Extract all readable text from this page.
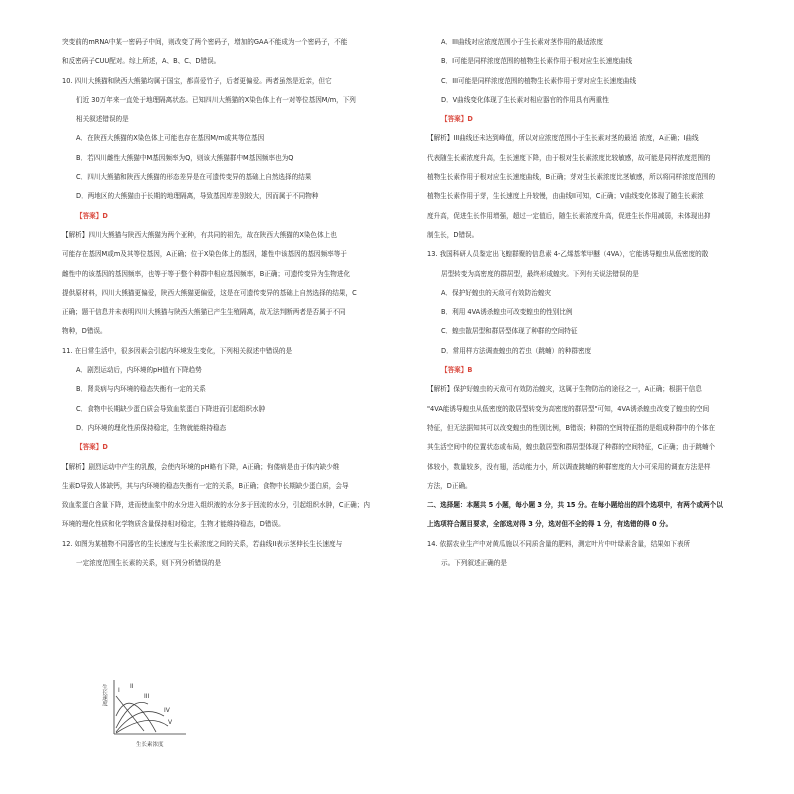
突变前的mRNA中某一密码子中间，则改变了两个密码子，增加的GAA不能成为一个密码子，不能

和反密码子CUU配对。综上所述，A、B、C、D错误。

10. 四川大熊猫和陕西大熊猫均属于国宝，都喜爱竹子，后者更偏爱。两者虽然是近亲，但它

们近 30万年来一直处于地理隔离状态。已知四川大熊猫的X染色体上有一对等位基因M/m，下列

相关叙述错误的是

A．在陕西大熊猫的X染色体上可能也存在基因M/m或其等位基因

B．若四川雌性大熊猫中M基因频率为Q，则该大熊猫群中M基因频率也为Q

C．四川大熊猫和陕西大熊猫的形态差异是在可遗传变异的基础上自然选择的结果

D．两地区的大熊猫由于长期的地理隔离，导致基因库差别较大，因而属于不同物种

【答案】D

【解析】四川大熊猫与陕西大熊猫为两个亚种，有共同的祖先，故在陕西大熊猫的X染色体上也

可能存在基因M或m及其等位基因，A正确；位于X染色体上的基因，雄性中该基因的基因频率等于

雌性中的该基因的基因频率，也等于等于整个种群中相应基因频率，B正确；可遗传变异为生物进化

提供原材料，四川大熊猫更偏爱，陕西大熊猫更偏爱，这是在可遗传变异的基础上自然选择的结果，C

正确；题干信息并未表明四川大熊猫与陕西大熊猫已产生生殖隔离，故无法判断两者是否属于不同

物种，D错误。

11. 在日常生活中，很多因素会引起内环境发生变化，下列相关叙述中错误的是

A．剧烈运动后，内环境的pH值有下降趋势

B．肾炎病与内环境的稳态失衡有一定的关系

C．食物中长期缺少蛋白质会导致血浆蛋白下降进而引起组织水肿

D．内环境的理化性质保持稳定，生物就能维持稳态

【答案】D

【解析】剧烈运动中产生的乳酸，会使内环境的pH略有下降，A正确；佝偻病是由于体内缺少维

生素D导致人体缺钙，其与内环境的稳态失衡有一定的关系，B正确；食物中长期缺少蛋白质，会导

致血浆蛋白含量下降，进而使血浆中的水分进入组织液的水分多于回流的水分，引起组织水肿，C正确；内

环境的理化性质和化学物质含量保持相对稳定，生物才能维持稳态，D错误。

12. 如图为某植物不同器官的生长速度与生长素浓度之间的关系，若曲线II表示茎伸长生长速度与

一定浓度范围生长素的关系，则下列分析错误的是

生长速度
生长素浓度
I
II
III
IV
V

A．III曲线对应浓度范围小于生长素对茎作用的最适浓度

B．I可能是同样浓度范围的植物生长素作用于根对应生长速度曲线

C．III可能是同样浓度范围的植物生长素作用于芽对应生长速度曲线

D．V曲线变化体现了生长素对相应器官的作用具有两重性

【答案】D

【解析】III曲线还未达到峰值，所以对应浓度范围小于生长素对茎的最适 浓度，A正确；I曲线

代表随生长素浓度升高，生长速度下降，由于根对生长素浓度比较敏感，故可能是同样浓度范围的

植物生长素作用于根对应生长速度曲线，B正确；芽对生长素浓度比茎敏感，所以将同样浓度范围的

植物生长素作用于芽，生长速度上升较慢，由曲线II可知，C正确；V曲线变化体现了随生长素浓

度升高，促进生长作用增强，超过一定值后，随生长素浓度升高，促进生长作用减弱，未体现出抑

制生长，D错误。

13. 我国科研人员鉴定出飞蝗群聚的信息素 4-乙烯基苯甲醚（4VA），它能诱导蝗虫从低密度的散

居型转变为高密度的群居型，最终形成蝗灾。下列有关说法错误的是

A．保护好蝗虫的天敌可有效防治蝗灾

B．利用 4VA诱杀蝗虫可改变蝗虫的性别比例

C．蝗虫散居型和群居型体现了种群的空间特征

D．常用样方法调查蝗虫的若虫（跳蝻）的种群密度

【答案】B

【解析】保护好蝗虫的天敌可有效防治蝗灾，这属于生物防治的途径之一，A正确；根据干信息

"4VA能诱导蝗虫从低密度的散居型转变为高密度的群居型"可知，4VA诱杀蝗虫改变了蝗虫的空间

特征，但无法据知其可以改变蝗虫的性别比例，B错误；种群的空间特征指的是组成种群中的个体在

其生活空间中的位置状态或布局，蝗虫散居型和群居型体现了种群的空间特征，C正确；由于跳蝻个

体较小，数量较多，没有翅，活动能力小，所以调查跳蝻的种群密度的大小可采用的调查方法是样

方法，D正确。

二、选择题：本题共 5 小题，每小题 3 分，共 15 分。在每小题给出的四个选项中，有两个或两个以

上选项符合题目要求，全部选对得 3 分，选对但不全的得 1 分，有选错的得 0 分。

14. 依据农业生产中对黄瓜施以不同质含量的肥料，测定叶片中叶绿素含量，结果如下表所

示。下列叙述正确的是
